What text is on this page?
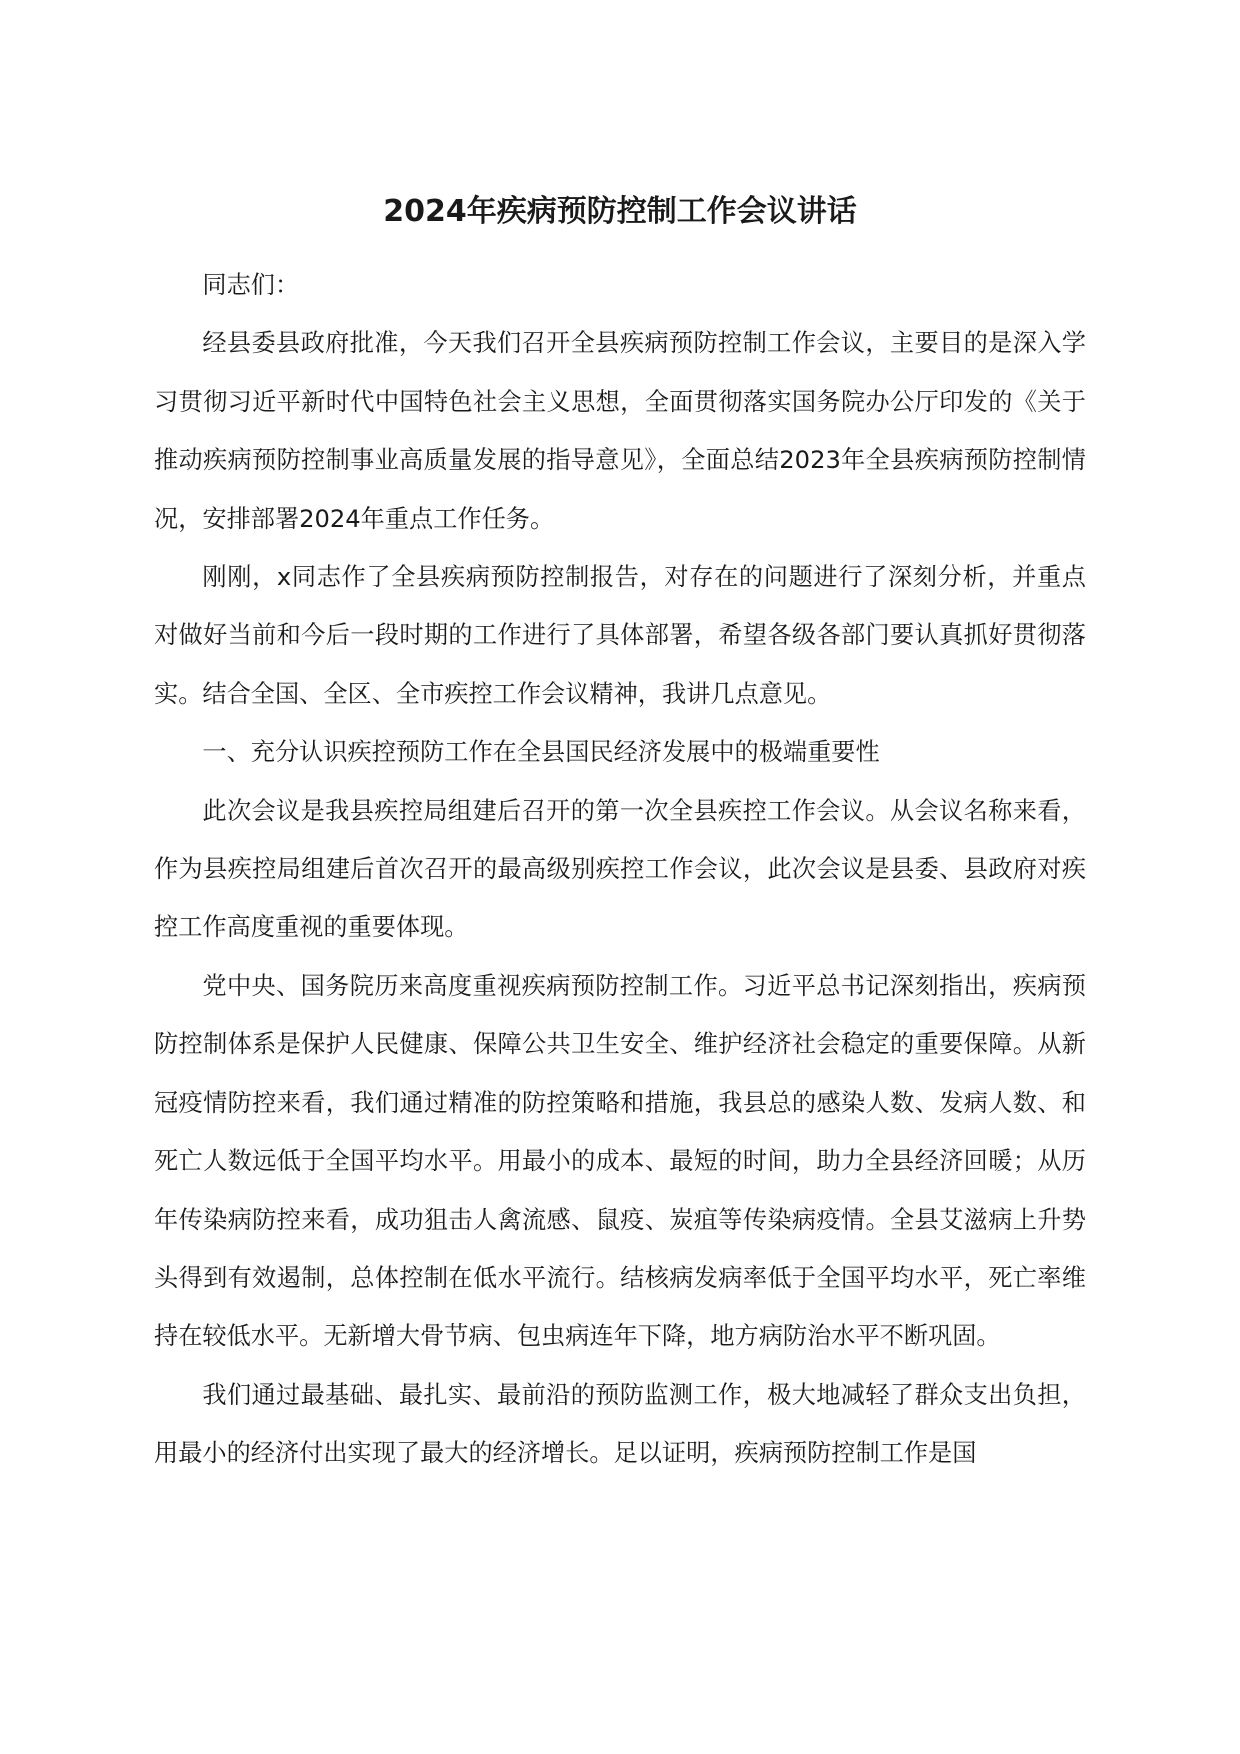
2024年疾病预防控制工作会议讲话

同志们：

经县委县政府批准，今天我们召开全县疾病预防控制工作会议，主要目的是深入学习贯彻习近平新时代中国特色社会主义思想，全面贯彻落实国务院办公厅印发的《关于推动疾病预防控制事业高质量发展的指导意见》，全面总结2023年全县疾病预防控制情况，安排部署2024年重点工作任务。

刚刚，x同志作了全县疾病预防控制报告，对存在的问题进行了深刻分析，并重点对做好当前和今后一段时期的工作进行了具体部署，希望各级各部门要认真抓好贯彻落实。结合全国、全区、全市疾控工作会议精神，我讲几点意见。

一、充分认识疾控预防工作在全县国民经济发展中的极端重要性

此次会议是我县疾控局组建后召开的第一次全县疾控工作会议。从会议名称来看，作为县疾控局组建后首次召开的最高级别疾控工作会议，此次会议是县委、县政府对疾控工作高度重视的重要体现。

党中央、国务院历来高度重视疾病预防控制工作。习近平总书记深刻指出，疾病预防控制体系是保护人民健康、保障公共卫生安全、维护经济社会稳定的重要保障。从新冠疫情防控来看，我们通过精准的防控策略和措施，我县总的感染人数、发病人数、和死亡人数远低于全国平均水平。用最小的成本、最短的时间，助力全县经济回暖；从历年传染病防控来看，成功狙击人禽流感、鼠疫、炭疽等传染病疫情。全县艾滋病上升势头得到有效遏制，总体控制在低水平流行。结核病发病率低于全国平均水平，死亡率维持在较低水平。无新增大骨节病、包虫病连年下降，地方病防治水平不断巩固。

我们通过最基础、最扎实、最前沿的预防监测工作，极大地减轻了群众支出负担，用最小的经济付出实现了最大的经济增长。足以证明，疾病预防控制工作是国
